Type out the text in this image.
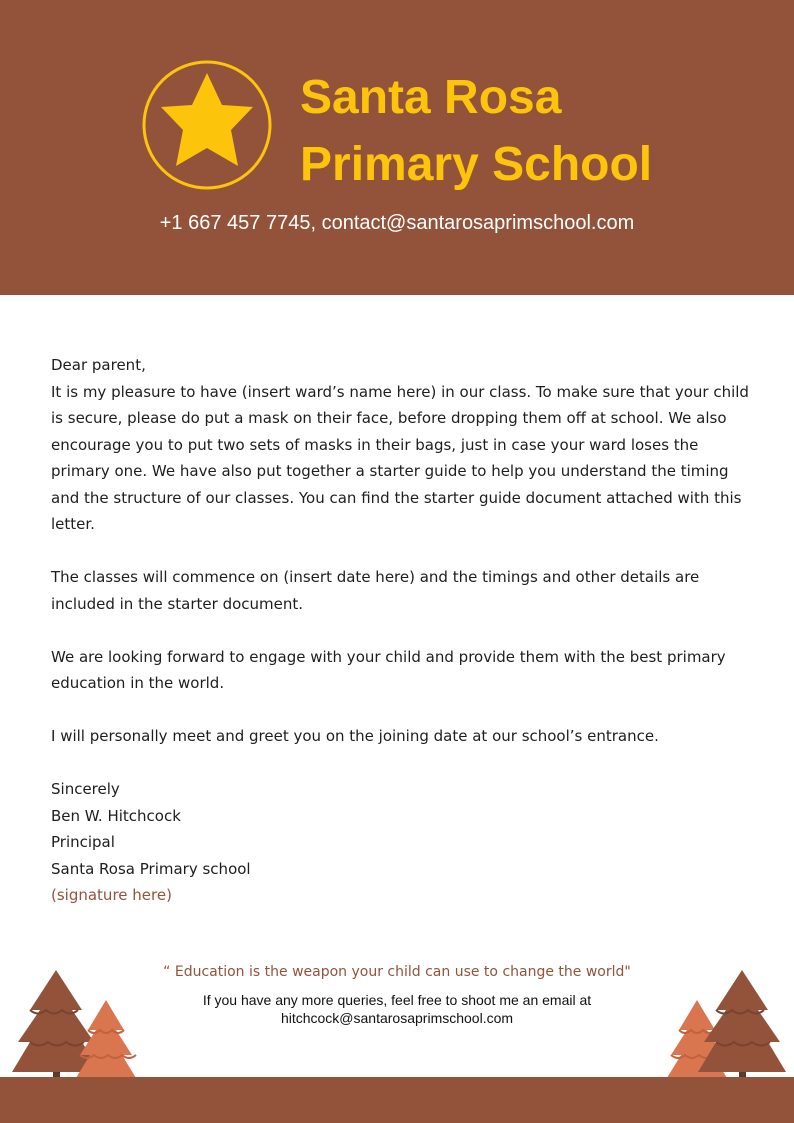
Santa Rosa
Primary School
+1 667 457 7745, contact@santarosaprimschool.com

Dear parent,
It is my pleasure to have (insert ward’s name here) in our class. To make sure that your child is secure, please do put a mask on their face, before dropping them off at school. We also encourage you to put two sets of masks in their bags, just in case your ward loses the primary one. We have also put together a starter guide to help you understand the timing and the structure of our classes. You can find the starter guide document attached with this letter.

The classes will commence on (insert date here) and the timings and other details are included in the starter document.

We are looking forward to engage with your child and provide them with the best primary education in the world.

I will personally meet and greet you on the joining date at our school’s entrance.

Sincerely
Ben W. Hitchcock
Principal
Santa Rosa Primary school
(signature here)
“ Education is the weapon your child can use to change the world"
If you have any more queries, feel free to shoot me an email at
hitchcock@santarosaprimschool.com
